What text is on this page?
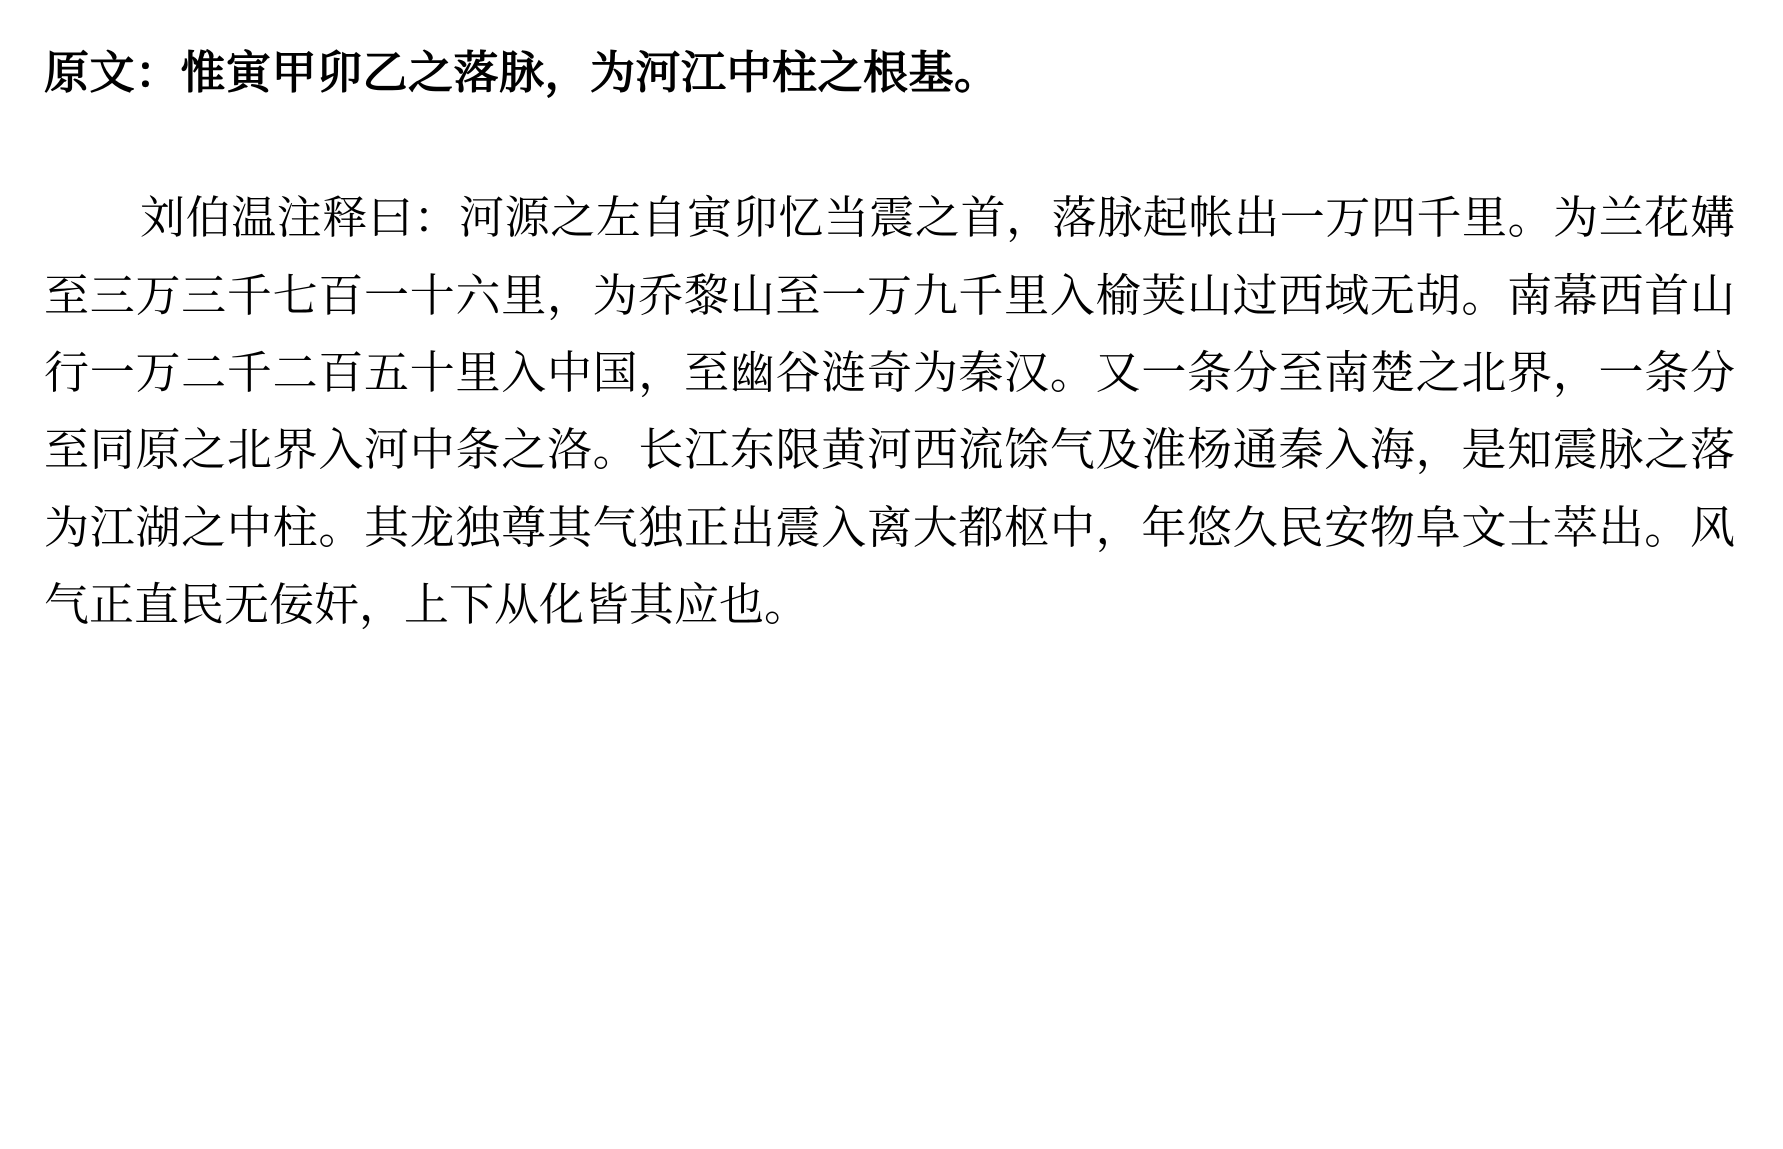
原文：惟寅甲卯乙之落脉，为河江中柱之根基。

刘伯温注释曰：河源之左自寅卯忆当震之首，落脉起帐出一万四千里。为兰花媾至三万三千七百一十六里，为乔黎山至一万九千里入榆荚山过西域无胡。南幕西首山行一万二千二百五十里入中国，至幽谷涟奇为秦汉。又一条分至南楚之北界，一条分至同原之北界入河中条之洛。长江东限黄河西流馀气及淮杨通秦入海，是知震脉之落为江湖之中柱。其龙独尊其气独正出震入离大都枢中，年悠久民安物阜文士萃出。风气正直民无佞奸，上下从化皆其应也。
